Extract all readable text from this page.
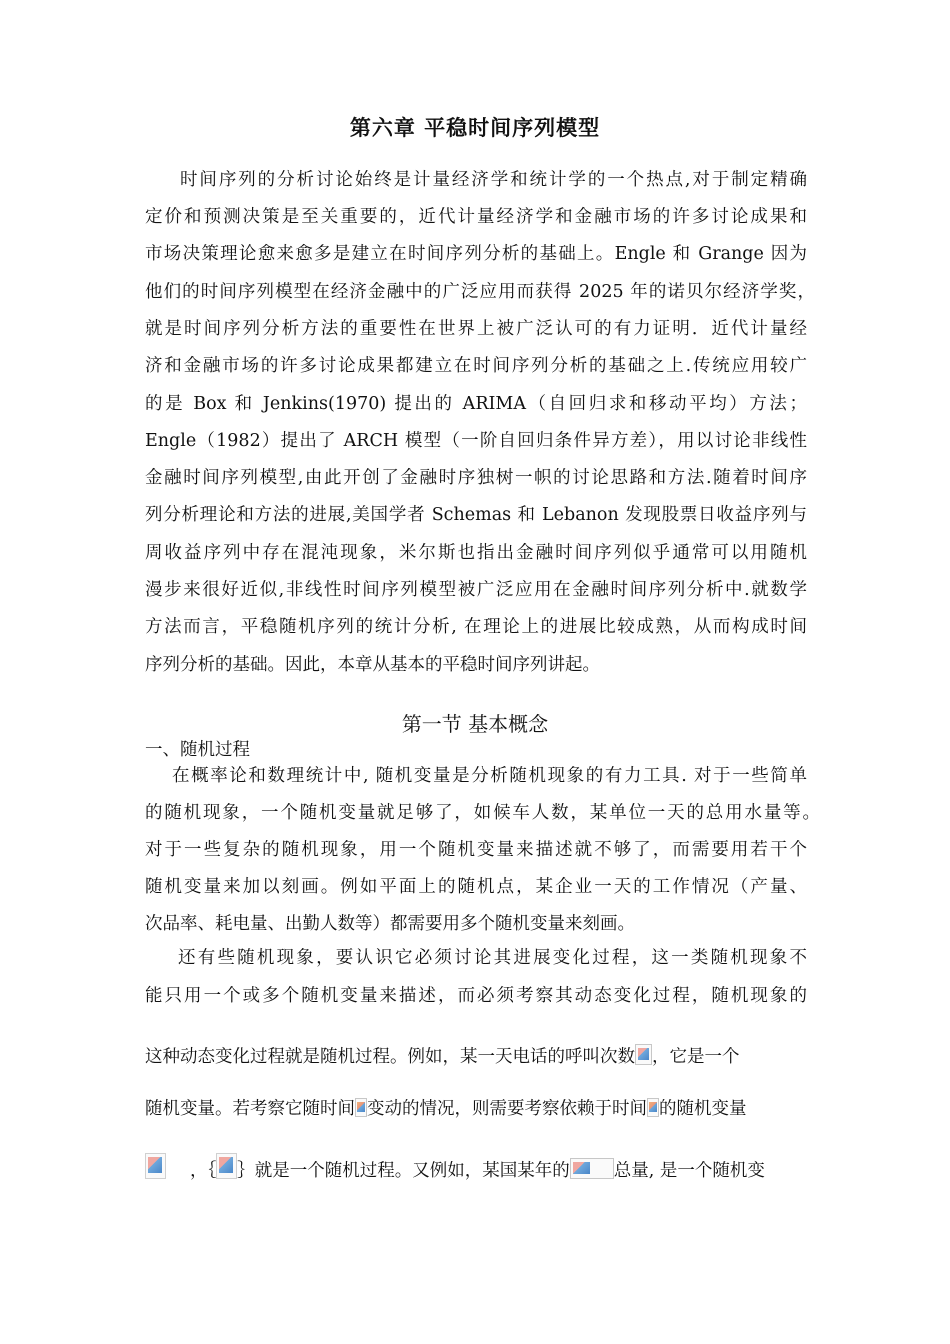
第六章 平稳时间序列模型
时间序列的分析讨论始终是计量经济学和统计学的一个热点,对于制定精确
定价和预测决策是至关重要的，近代计量经济学和金融市场的许多讨论成果和
市场决策理论愈来愈多是建立在时间序列分析的基础上。Engle 和 Grange 因为
他们的时间序列模型在经济金融中的广泛应用而获得 2025 年的诺贝尔经济学奖，
就是时间序列分析方法的重要性在世界上被广泛认可的有力证明．近代计量经
济和金融市场的许多讨论成果都建立在时间序列分析的基础之上.传统应用较广
的是 Box 和 Jenkins(1970) 提出的 ARIMA（自回归求和移动平均）方法；
Engle（1982）提出了 ARCH 模型（一阶自回归条件异方差），用以讨论非线性
金融时间序列模型,由此开创了金融时序独树一帜的讨论思路和方法.随着时间序
列分析理论和方法的进展,美国学者 Schemas 和 Lebanon 发现股票日收益序列与
周收益序列中存在混沌现象，米尔斯也指出金融时间序列似乎通常可以用随机
漫步来很好近似,非线性时间序列模型被广泛应用在金融时间序列分析中.就数学
方法而言，平稳随机序列的统计分析, 在理论上的进展比较成熟，从而构成时间
序列分析的基础。因此，本章从基本的平稳时间序列讲起。
第一节 基本概念
一、随机过程
在概率论和数理统计中, 随机变量是分析随机现象的有力工具. 对于一些简单
的随机现象，一个随机变量就足够了，如候车人数，某单位一天的总用水量等。
对于一些复杂的随机现象，用一个随机变量来描述就不够了，而需要用若干个
随机变量来加以刻画。例如平面上的随机点，某企业一天的工作情况（产量、
次品率、耗电量、出勤人数等）都需要用多个随机变量来刻画。
还有些随机现象，要认识它必须讨论其进展变化过程，这一类随机现象不
能只用一个或多个随机变量来描述，而必须考察其动态变化过程，随机现象的
这种动态变化过程就是随机过程。例如，某一天电话的呼叫次数 ，它是一个
随机变量。若考察它随时间 变动的情况，则需要考察依赖于时间 的随机变量
，｛ ｝就是一个随机过程。又例如，某国某年的	总量, 是一个随机变
